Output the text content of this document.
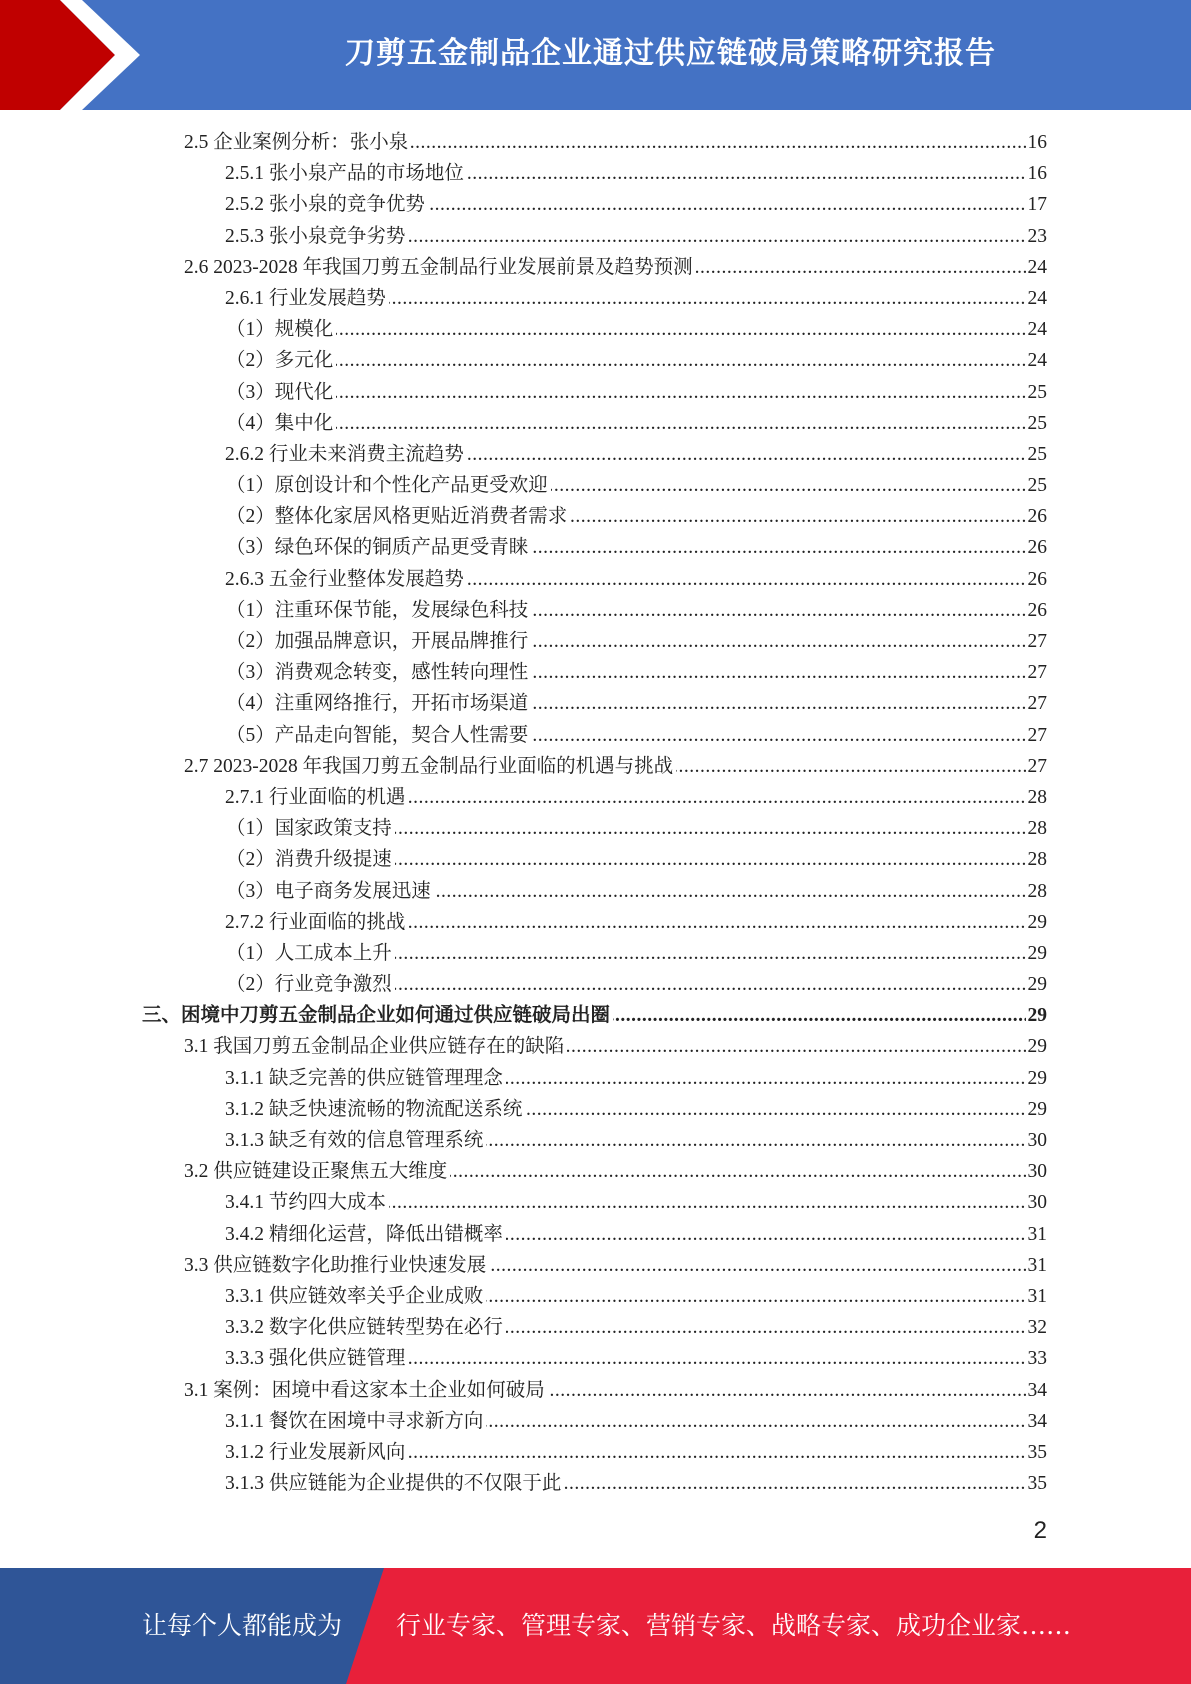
刀剪五金制品企业通过供应链破局策略研究报告
.....
2.5 企业案例分析：张小泉	16
.....
2.5.1 张小泉产品的市场地位	16
.....
2.5.2 张小泉的竞争优势	17
.....
2.5.3 张小泉竞争劣势	23
.....
2.6 2023-2028 年我国刀剪五金制品行业发展前景及趋势预测	24
.....
2.6.1 行业发展趋势	24
.....
（1）规模化	24
.....
（2）多元化	24
.....
（3）现代化	25
.....
（4）集中化	25
.....
2.6.2 行业未来消费主流趋势	25
.....
（1）原创设计和个性化产品更受欢迎	25
.....
（2）整体化家居风格更贴近消费者需求	26
.....
（3）绿色环保的铜质产品更受青睐	26
.....
2.6.3 五金行业整体发展趋势	26
.....
（1）注重环保节能，发展绿色科技	26
.....
（2）加强品牌意识，开展品牌推行	27
.....
（3）消费观念转变，感性转向理性	27
.....
（4）注重网络推行，开拓市场渠道	27
.....
（5）产品走向智能，契合人性需要	27
.....
2.7 2023-2028 年我国刀剪五金制品行业面临的机遇与挑战	27
.....
2.7.1 行业面临的机遇	28
.....
（1）国家政策支持	28
.....
（2）消费升级提速	28
.....
（3）电子商务发展迅速	28
.....
2.7.2 行业面临的挑战	29
.....
（1）人工成本上升	29
.....
（2）行业竞争激烈	29
.....
三、困境中刀剪五金制品企业如何通过供应链破局出圈	29
.....
3.1 我国刀剪五金制品企业供应链存在的缺陷	29
.....
3.1.1 缺乏完善的供应链管理理念	29
.....
3.1.2 缺乏快速流畅的物流配送系统	29
.....
3.1.3 缺乏有效的信息管理系统	30
.....
3.2 供应链建设正聚焦五大维度	30
.....
3.4.1 节约四大成本	30
.....
3.4.2 精细化运营，降低出错概率	31
.....
3.3 供应链数字化助推行业快速发展	31
.....
3.3.1 供应链效率关乎企业成败	31
.....
3.3.2 数字化供应链转型势在必行	32
.....
3.3.3 强化供应链管理	33
.....
3.1 案例：困境中看这家本土企业如何破局	34
.....
3.1.1 餐饮在困境中寻求新方向	34
.....
3.1.2 行业发展新风向	35
.....
3.1.3 供应链能为企业提供的不仅限于此	35
2
让每个人都能成为 行业专家、管理专家、营销专家、战略专家、成功企业家……
